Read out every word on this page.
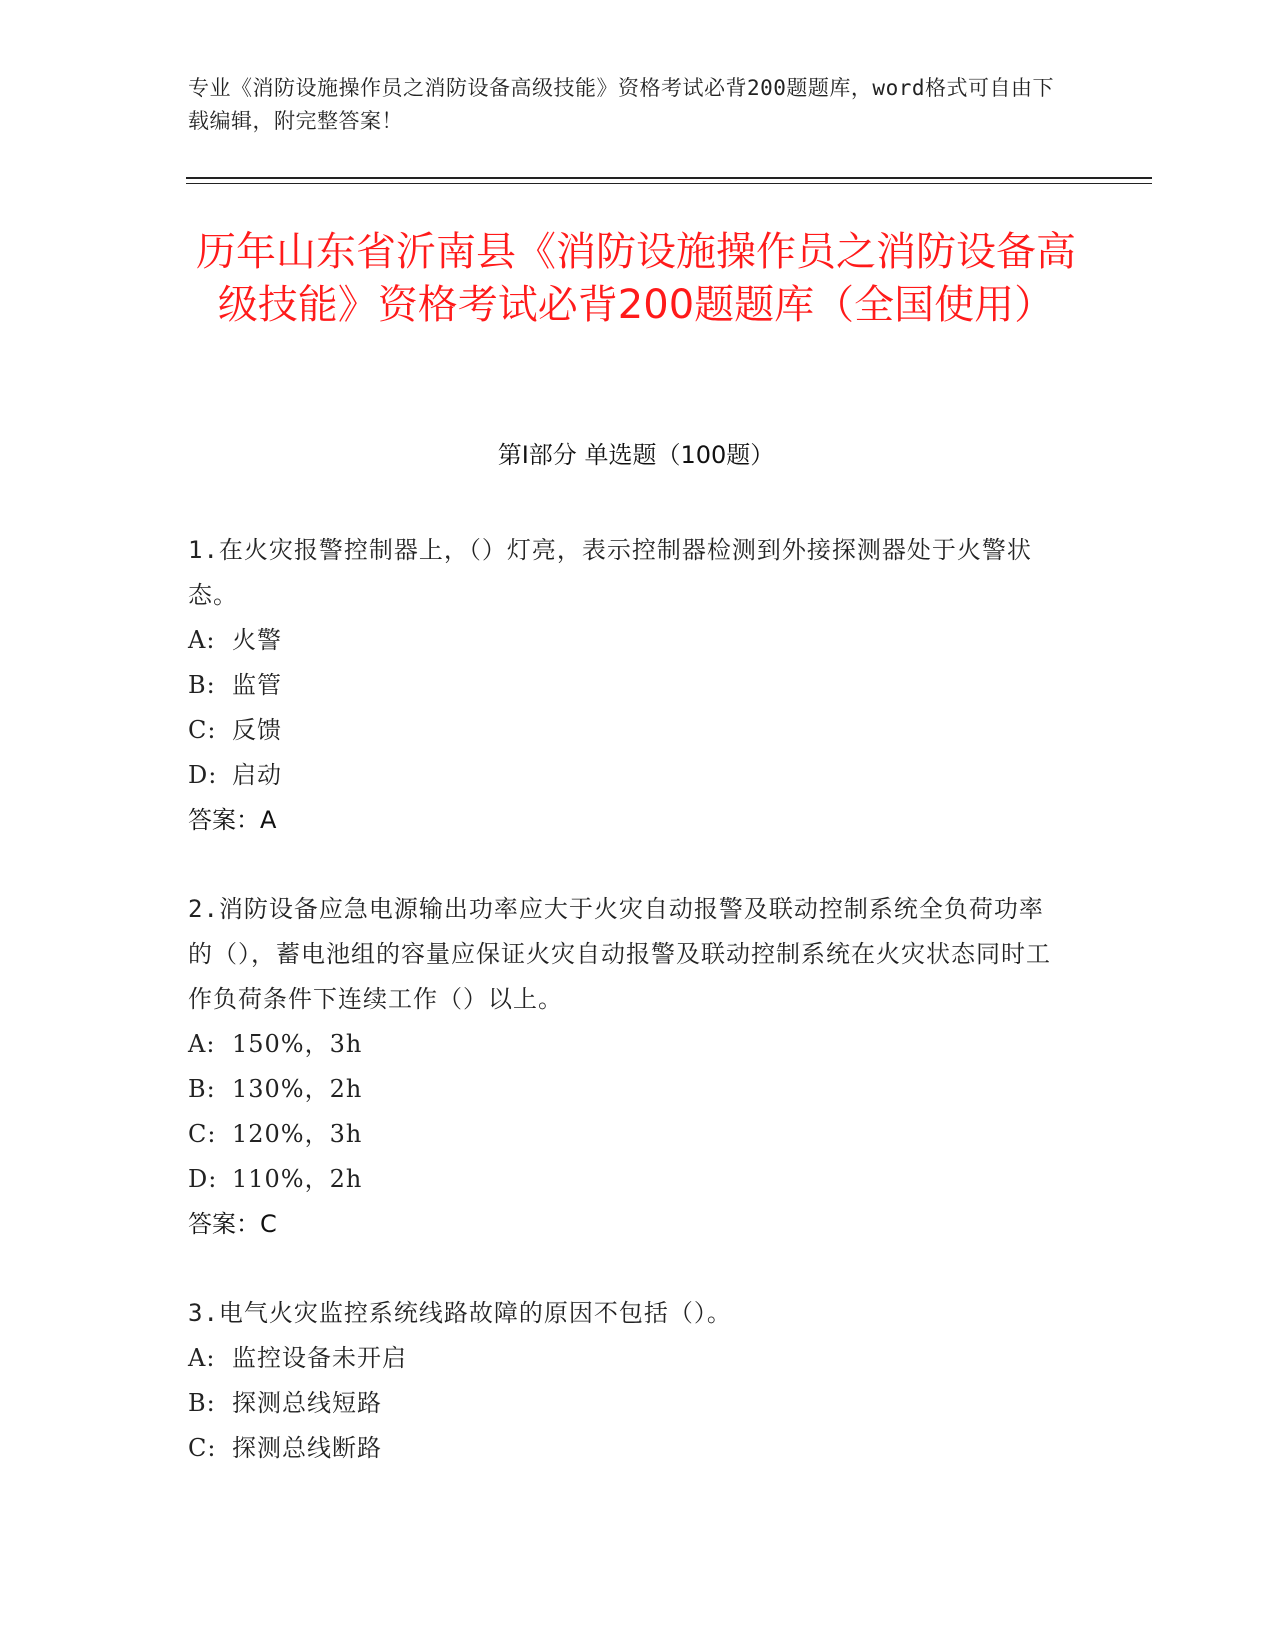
专业《消防设施操作员之消防设备高级技能》资格考试必背200题题库，word格式可自由下载编辑，附完整答案！
历年山东省沂南县《消防设施操作员之消防设备高级技能》资格考试必背200题题库（全国使用）
第Ⅰ部分 单选题（100题）
1.在火灾报警控制器上，（）灯亮，表示控制器检测到外接探测器处于火警状态。
A: 火警
B: 监管
C: 反馈
D: 启动
答案：A
2.消防设备应急电源输出功率应大于火灾自动报警及联动控制系统全负荷功率的（），蓄电池组的容量应保证火灾自动报警及联动控制系统在火灾状态同时工作负荷条件下连续工作（）以上。
A: 150%，3h
B: 130%，2h
C: 120%，3h
D: 110%，2h
答案：C
3.电气火灾监控系统线路故障的原因不包括（）。
A: 监控设备未开启
B: 探测总线短路
C: 探测总线断路
